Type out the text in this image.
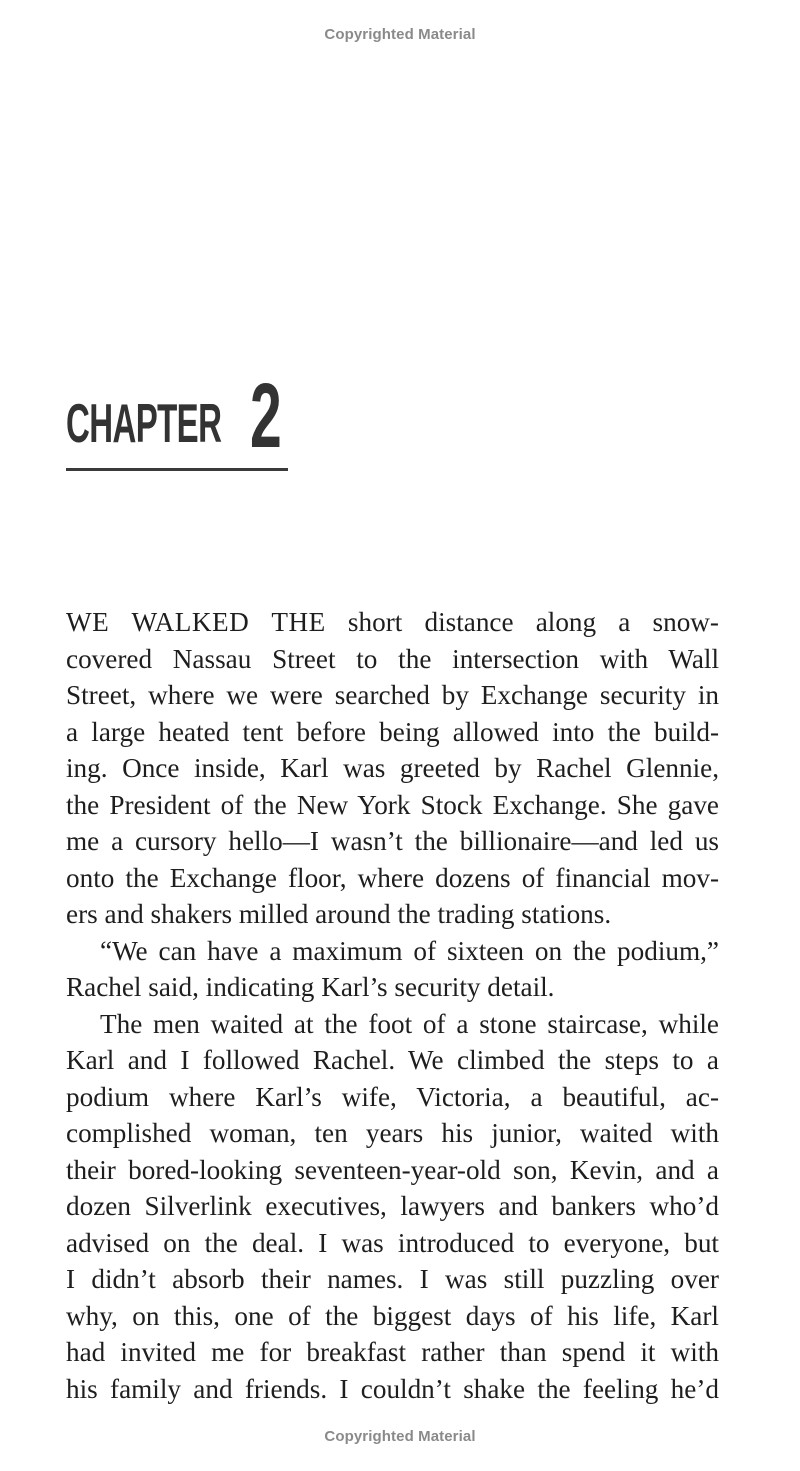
Copyrighted Material
CHAPTER 2
WE WALKED THE short distance along a snow-
covered Nassau Street to the intersection with Wall
Street, where we were searched by Exchange security in
a large heated tent before being allowed into the build-
ing. Once inside, Karl was greeted by Rachel Glennie,
the President of the New York Stock Exchange. She gave
me a cursory hello—I wasn’t the billionaire—and led us
onto the Exchange floor, where dozens of financial mov-
ers and shakers milled around the trading stations.
“We can have a maximum of sixteen on the podium,”
Rachel said, indicating Karl’s security detail.
The men waited at the foot of a stone staircase, while
Karl and I followed Rachel. We climbed the steps to a
podium where Karl’s wife, Victoria, a beautiful, ac-
complished woman, ten years his junior, waited with
their bored-looking seventeen-year-old son, Kevin, and a
dozen Silverlink executives, lawyers and bankers who’d
advised on the deal. I was introduced to everyone, but
I didn’t absorb their names. I was still puzzling over
why, on this, one of the biggest days of his life, Karl
had invited me for breakfast rather than spend it with
his family and friends. I couldn’t shake the feeling he’d
Copyrighted Material
